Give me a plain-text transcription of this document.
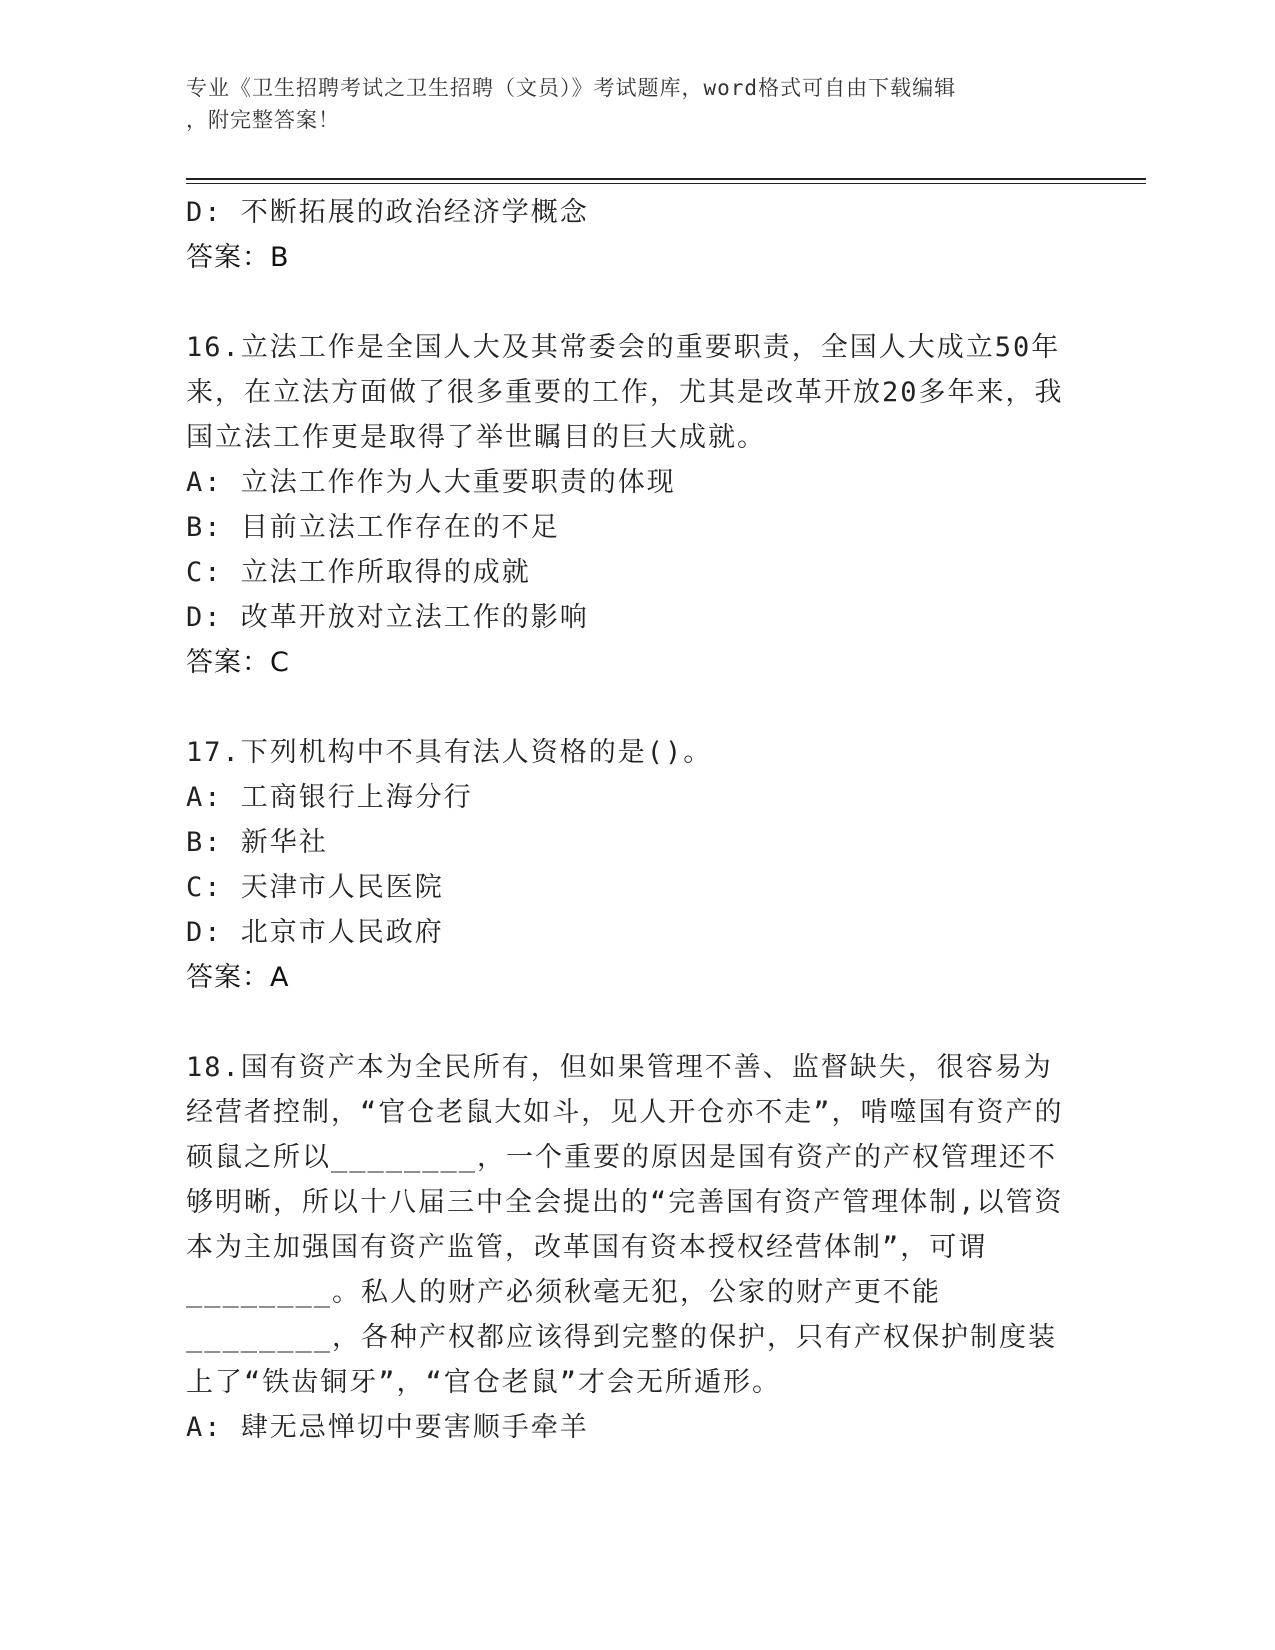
专业《卫生招聘考试之卫生招聘（文员）》考试题库，word格式可自由下载编辑
，附完整答案！
D: 不断拓展的政治经济学概念
答案：B
16.立法工作是全国人大及其常委会的重要职责，全国人大成立50年来，在立法方面做了很多重要的工作，尤其是改革开放20多年来，我国立法工作更是取得了举世瞩目的巨大成就。
A: 立法工作作为人大重要职责的体现
B: 目前立法工作存在的不足
C: 立法工作所取得的成就
D: 改革开放对立法工作的影响
答案：C
17.下列机构中不具有法人资格的是()。
A: 工商银行上海分行
B: 新华社
C: 天津市人民医院
D: 北京市人民政府
答案：A
18.国有资产本为全民所有，但如果管理不善、监督缺失，很容易为经营者控制，“官仓老鼠大如斗，见人开仓亦不走”，啃噬国有资产的硕鼠之所以________，一个重要的原因是国有资产的产权管理还不够明晰，所以十八届三中全会提出的“完善国有资产管理体制,以管资本为主加强国有资产监管，改革国有资本授权经营体制”，可谓________。私人的财产必须秋毫无犯，公家的财产更不能________，各种产权都应该得到完整的保护，只有产权保护制度装上了“铁齿铜牙”，“官仓老鼠”才会无所遁形。
A: 肆无忌惮切中要害顺手牵羊
